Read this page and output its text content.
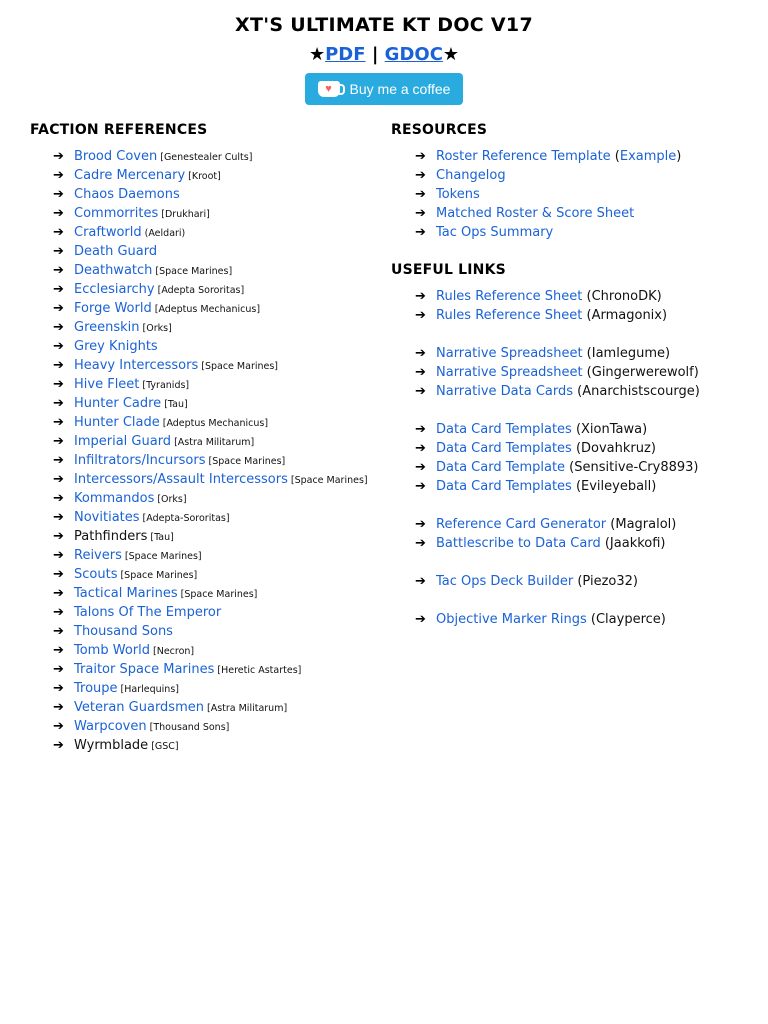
XT'S ULTIMATE KT DOC V17
★PDF | GDOC★
♥ Buy me a coffee
FACTION REFERENCES
➔ Brood Coven [Genestealer Cults]
➔ Cadre Mercenary [Kroot]
➔ Chaos Daemons
➔ Commorrites [Drukhari]
➔ Craftworld (Aeldari)
➔ Death Guard
➔ Deathwatch [Space Marines]
➔ Ecclesiarchy [Adepta Sororitas]
➔ Forge World [Adeptus Mechanicus]
➔ Greenskin [Orks]
➔ Grey Knights
➔ Heavy Intercessors [Space Marines]
➔ Hive Fleet [Tyranids]
➔ Hunter Cadre [Tau]
➔ Hunter Clade [Adeptus Mechanicus]
➔ Imperial Guard [Astra Militarum]
➔ Infiltrators/Incursors [Space Marines]
➔ Intercessors/Assault Intercessors [Space Marines]
➔ Kommandos [Orks]
➔ Novitiates [Adepta-Sororitas]
➔ Pathfinders [Tau]
➔ Reivers [Space Marines]
➔ Scouts [Space Marines]
➔ Tactical Marines [Space Marines]
➔ Talons Of The Emperor
➔ Thousand Sons
➔ Tomb World [Necron]
➔ Traitor Space Marines [Heretic Astartes]
➔ Troupe [Harlequins]
➔ Veteran Guardsmen [Astra Militarum]
➔ Warpcoven [Thousand Sons]
➔ Wyrmblade [GSC]
RESOURCES
➔ Roster Reference Template (Example)
➔ Changelog
➔ Tokens
➔ Matched Roster & Score Sheet
➔ Tac Ops Summary
USEFUL LINKS
➔ Rules Reference Sheet (ChronoDK)
➔ Rules Reference Sheet (Armagonix)
➔ Narrative Spreadsheet (Iamlegume)
➔ Narrative Spreadsheet (Gingerwerewolf)
➔ Narrative Data Cards (Anarchistscourge)
➔ Data Card Templates (XionTawa)
➔ Data Card Templates (Dovahkruz)
➔ Data Card Template (Sensitive-Cry8893)
➔ Data Card Templates (Evileyeball)
➔ Reference Card Generator (Magralol)
➔ Battlescribe to Data Card (Jaakkofi)
➔ Tac Ops Deck Builder (Piezo32)
➔ Objective Marker Rings (Clayperce)
